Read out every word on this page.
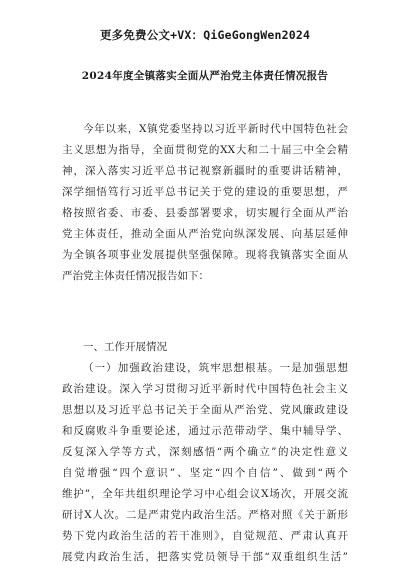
更多免费公文+VX：QiGeGongWen2024
2024年度全镇落实全面从严治党主体责任情况报告
今年以来，X镇党委坚持以习近平新时代中国特色社会
主义思想为指导，全面贯彻党的XX大和二十届三中全会精
神，深入落实习近平总书记视察新疆时的重要讲话精神，
深学细悟笃行习近平总书记关于党的建设的重要思想，严
格按照省委、市委、县委部署要求，切实履行全面从严治
党主体责任，推动全面从严治党向纵深发展、向基层延伸
为全镇各项事业发展提供坚强保障。现将我镇落实全面从
严治党主体责任情况报告如下：
一、工作开展情况
（一）加强政治建设，筑牢思想根基。一是加强思想
政治建设。深入学习贯彻习近平新时代中国特色社会主义
思想以及习近平总书记关于全面从严治党、党风廉政建设
和反腐败斗争重要论述，通过示范带动学、集中辅导学、
反复深入学等方式，深刻感悟“两个确立”的决定性意义
自觉增强“四个意识”、坚定“四个自信”、做到“两个
维护”，全年共组织理论学习中心组会议X场次，开展交流
研讨X人次。二是严肃党内政治生活。严格对照《关于新形
势下党内政治生活的若干准则》，自觉规范、严肃认真开
展党内政治生活，把落实党员领导干部“双重组织生活”
